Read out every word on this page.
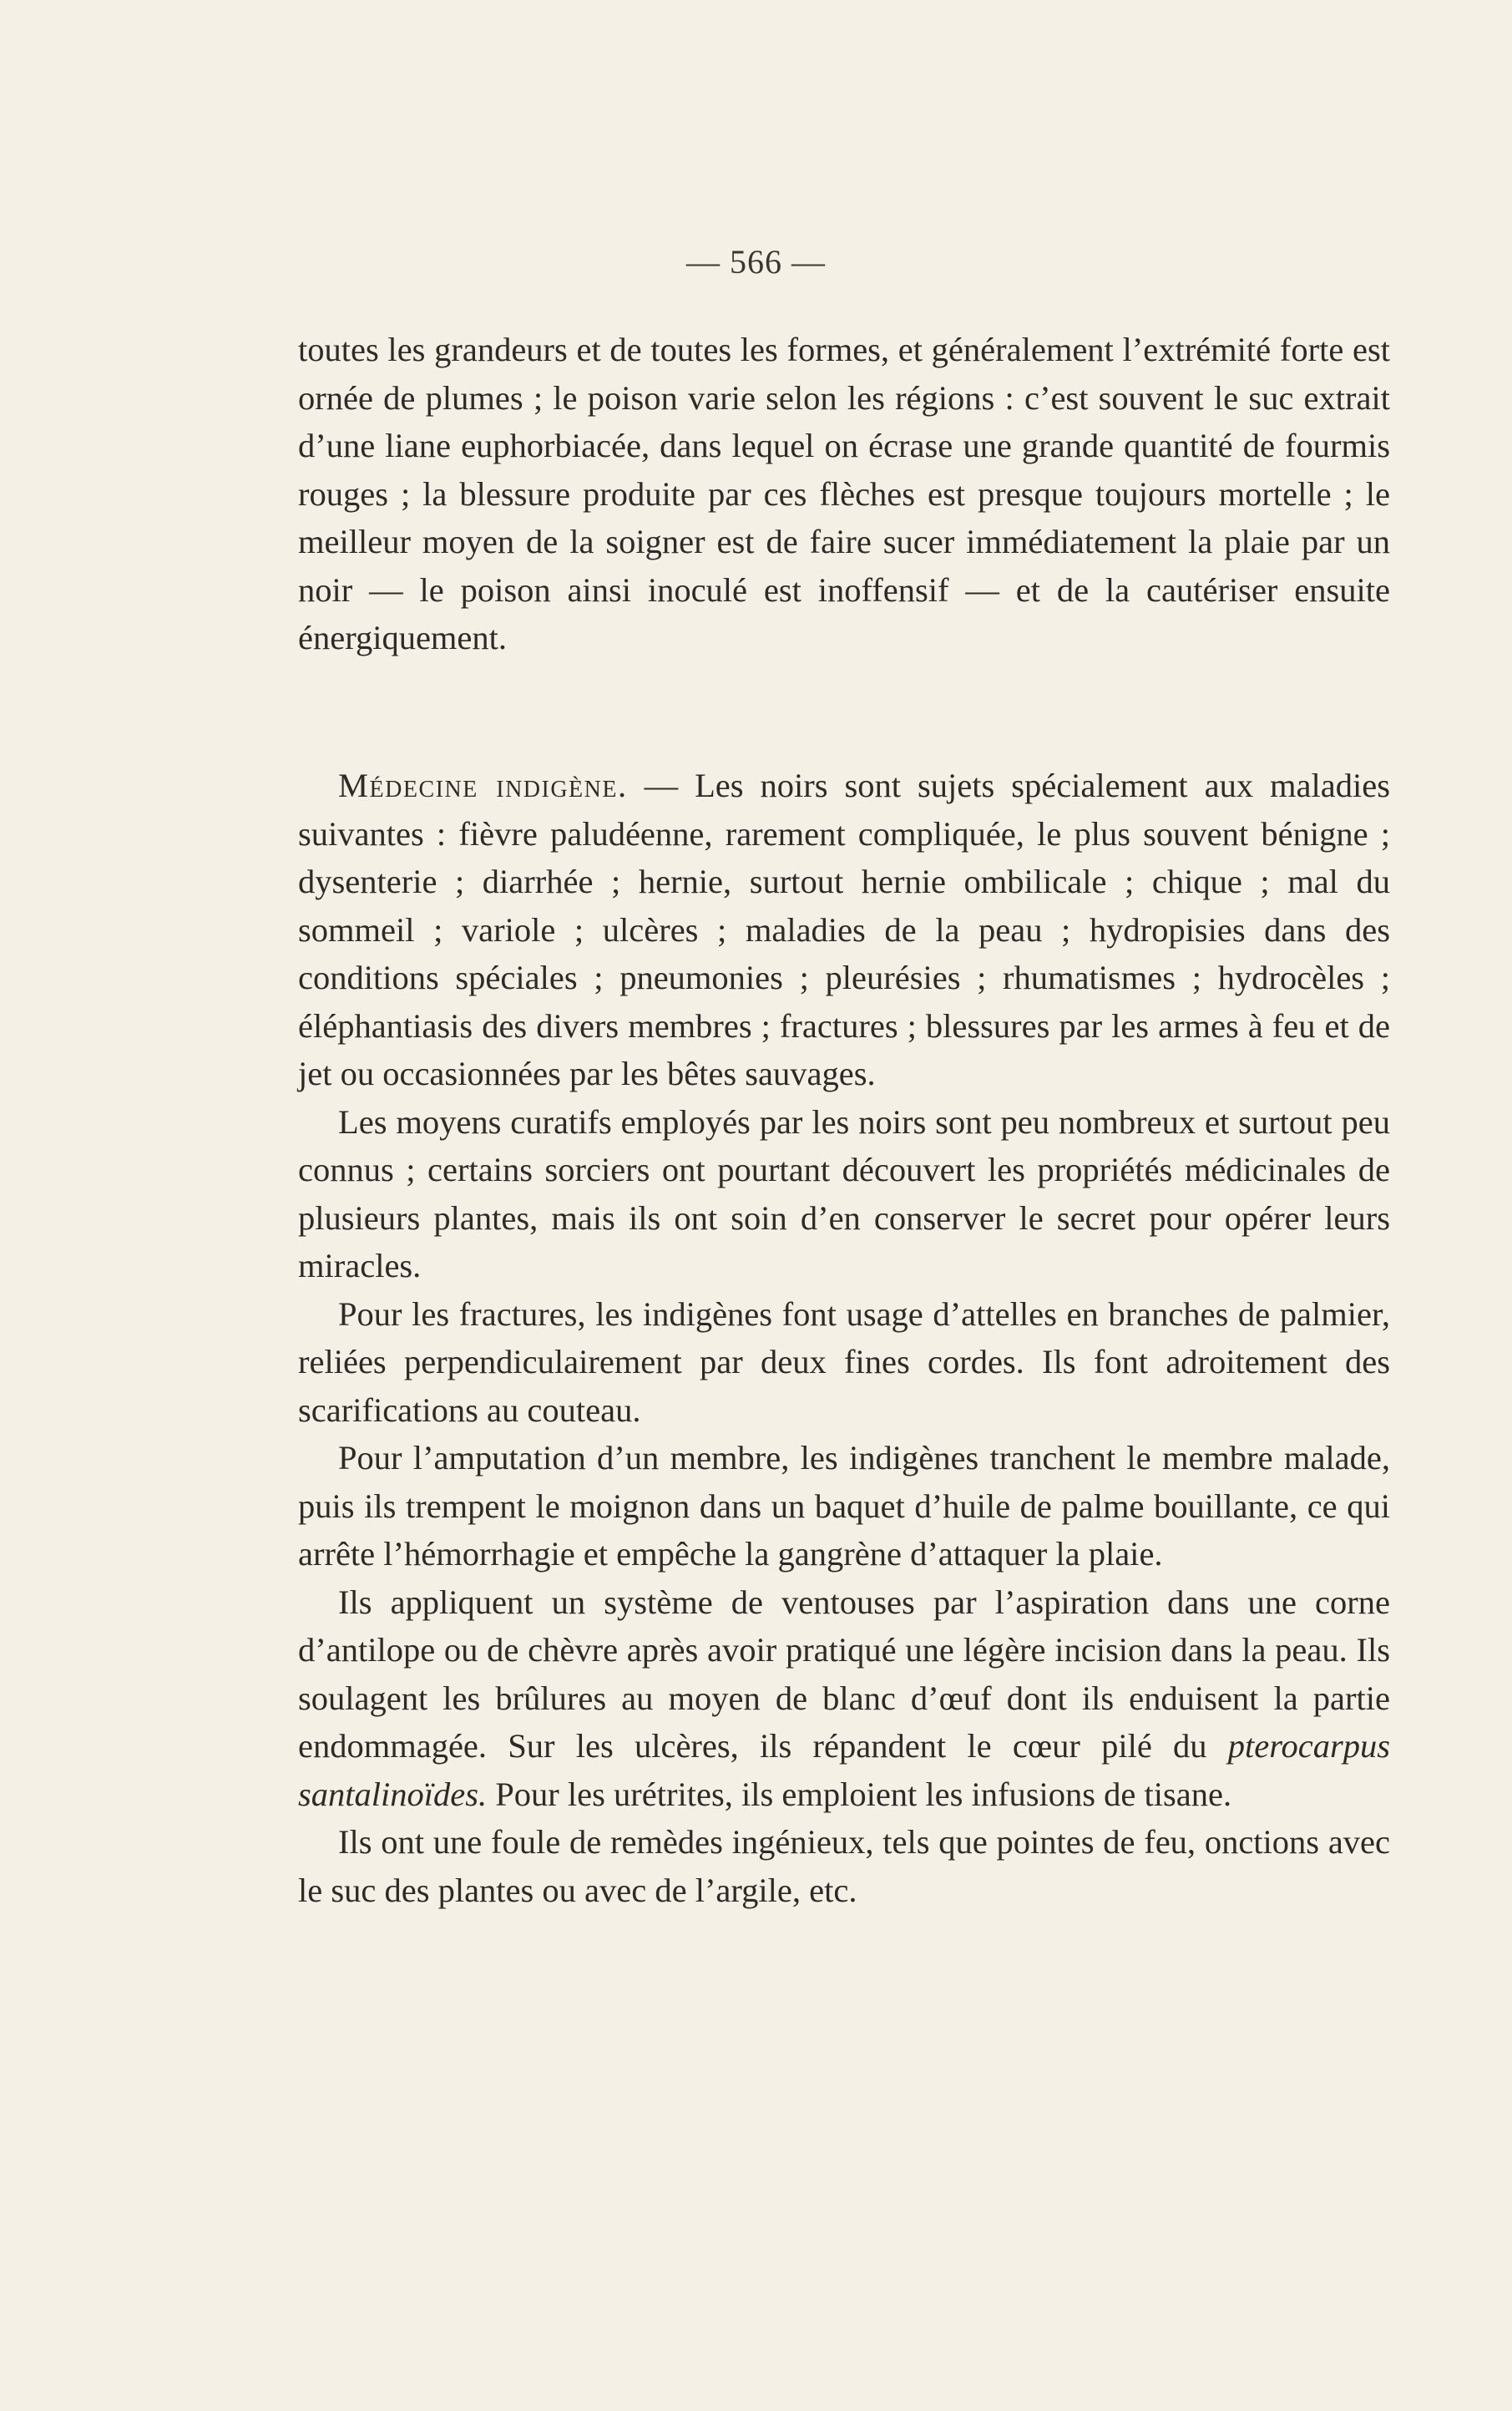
— 566 —

toutes les grandeurs et de toutes les formes, et généralement l’extrémité forte est ornée de plumes ; le poison varie selon les régions : c’est souvent le suc extrait d’une liane euphorbiacée, dans lequel on écrase une grande quantité de fourmis rouges ; la blessure produite par ces flèches est presque toujours mortelle ; le meilleur moyen de la soigner est de faire sucer immédiatement la plaie par un noir — le poison ainsi inoculé est inoffensif — et de la cautériser ensuite énergiquement.

Médecine indigène. — Les noirs sont sujets spécialement aux maladies suivantes : fièvre paludéenne, rarement compliquée, le plus souvent bénigne ; dysenterie ; diarrhée ; hernie, surtout hernie ombilicale ; chique ; mal du sommeil ; variole ; ulcères ; maladies de la peau ; hydropisies dans des conditions spéciales ; pneumonies ; pleurésies ; rhumatismes ; hydrocèles ; éléphantiasis des divers membres ; fractures ; blessures par les armes à feu et de jet ou occasionnées par les bêtes sauvages.

Les moyens curatifs employés par les noirs sont peu nombreux et surtout peu connus ; certains sorciers ont pourtant découvert les propriétés médicinales de plusieurs plantes, mais ils ont soin d’en conserver le secret pour opérer leurs miracles.

Pour les fractures, les indigènes font usage d’attelles en branches de palmier, reliées perpendiculairement par deux fines cordes. Ils font adroitement des scarifications au couteau.

Pour l’amputation d’un membre, les indigènes tranchent le membre malade, puis ils trempent le moignon dans un baquet d’huile de palme bouillante, ce qui arrête l’hémorrhagie et empêche la gangrène d’attaquer la plaie.

Ils appliquent un système de ventouses par l’aspiration dans une corne d’antilope ou de chèvre après avoir pratiqué une légère incision dans la peau. Ils soulagent les brûlures au moyen de blanc d’œuf dont ils enduisent la partie endommagée. Sur les ulcères, ils répandent le cœur pilé du pterocarpus santalinoïdes. Pour les urétrites, ils emploient les infusions de tisane.

Ils ont une foule de remèdes ingénieux, tels que pointes de feu, onctions avec le suc des plantes ou avec de l’argile, etc.
